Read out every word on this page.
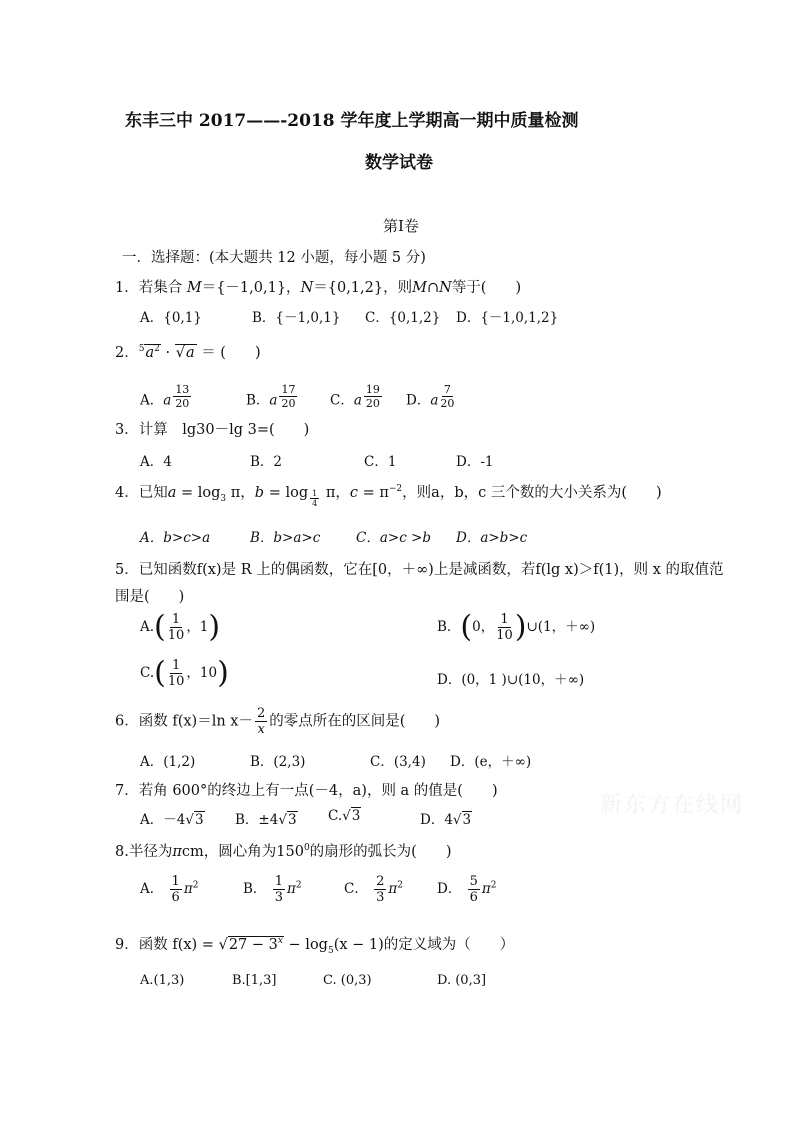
东丰三中 2017——-2018 学年度上学期高一期中质量检测
数学试卷
第Ⅰ卷
一．选择题：(本大题共 12 小题，每小题 5 分)
1．若集合 M＝{－1,0,1}，N＝{0,1,2}，则M∩N等于(　　)
A．{0,1}	B．{－1,0,1} C．{0,1,2} D．{－1,0,1,2}
2．$^5a^2 \cdot √a$ ＝ (　　)
A．a $^{\frac{13}{20}}$	B．a $^{\frac{17}{20}}$ C．a $^{\frac{19}{20}}$ D．a $^{\frac{7}{20}}$
3．计算　lg30－lg 3=(　　)
A．4	B．2	C．1	D．-1
4．已知$a = \log_3 \pi$，b = log $_{\frac{1}{4}}$ π，$c = \pi^{-2}$，则a，b，c 三个数的大小关系为(　　)
A．b>c>a	B．b>a>c	C．a>c >b D．a>b>c
5．已知函数f(x)是 R 上的偶函数，它在[0，＋∞)上是减函数，若f(lg x)＞f(1)，则 x 的取值范
围是(　　)
$A.( \frac{1}{10}$ ，1)	B．(0， $\frac{1}{10}$ )∪(1，＋∞)
$C.( \frac{1}{10}$ ，10)	D．(0，1 )∪(10，＋∞)
6．函数 f(x)＝ln $x- \frac{2}{x}$ 的零点所在的区间是(　　)
A．(1,2)	B．(2,3)	C．(3,4) D．(e，＋∞)
新东方在线网
7．若角 600°的终边上有一点(－4，a)，则 a 的值是(　　)
A．－4√3 B．±4√3 C.√3	D．4√3
8.半径为πcm，圆心角为$150^0$的扇形的弧长为(　　)
A． $\frac{1}{6} \pi^2$	B． $\frac{1}{3} \pi^2$	C． $\frac{2}{3} \pi^2$	D． $\frac{5}{6} \pi^2$
9．函数 $f(x) = √27 - 3^x - \log_5(x - 1)$的定义域为（　　）
A.(1,3)	B.[1,3]	C. (0,3)	D. (0,3]
